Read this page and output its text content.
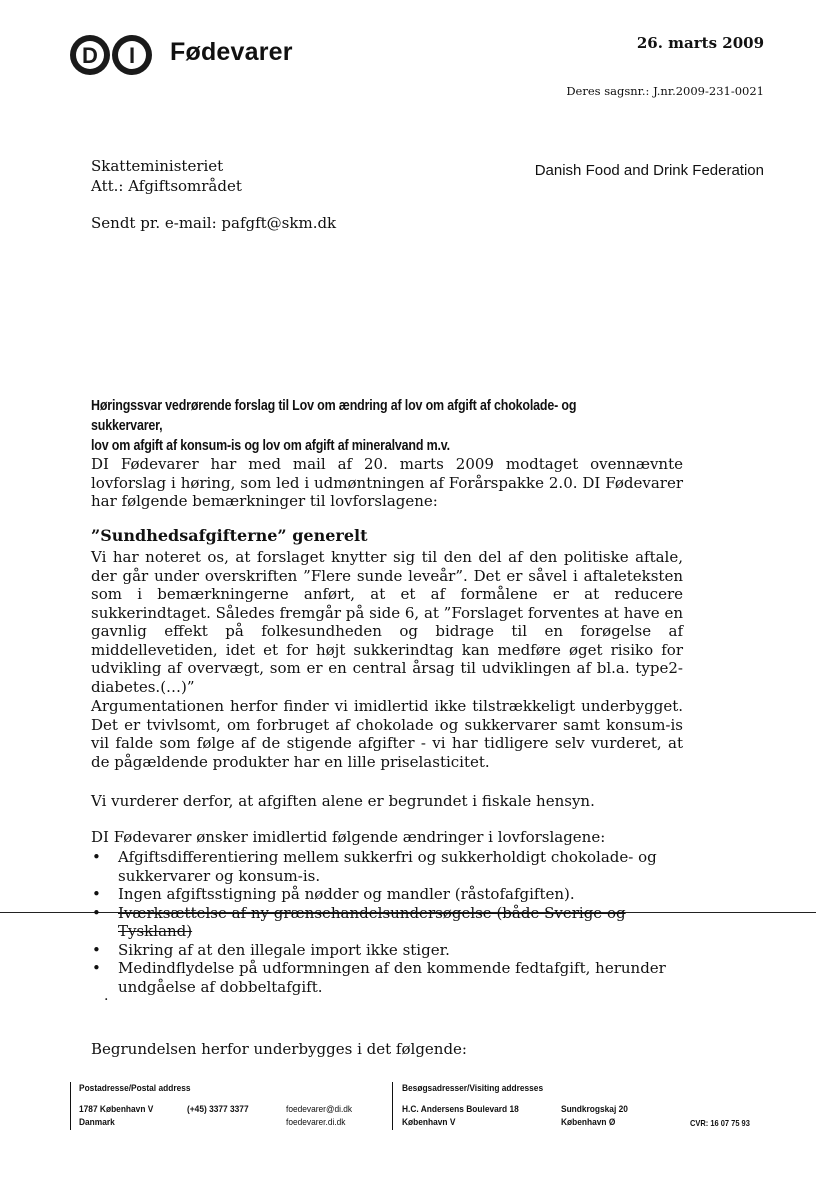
D I Fødevarer	26. marts 2009
Deres sagsnr.: J.nr.2009-231-0021
Danish Food and Drink Federation
Skatteministeriet
Att.: Afgiftsområdet
Sendt pr. e-mail: pafgft@skm.dk
Høringssvar vedrørende forslag til Lov om ændring af lov om afgift af chokolade- og sukkervarer,
lov om afgift af konsum-is og lov om afgift af mineralvand m.v.

DI Fødevarer har med mail af 20. marts 2009 modtaget ovennævnte lovforslag i høring, som led i udmøntningen af Forårspakke 2.0. DI Fødevarer har følgende bemærkninger til lovforslagene:

”Sundhedsafgifterne” generelt

Vi har noteret os, at forslaget knytter sig til den del af den politiske aftale, der går under overskriften ”Flere sunde leveår”. Det er såvel i aftaleteksten som i bemærkningerne anført, at et af formålene er at reducere sukkerindtaget. Således fremgår på side 6, at ”Forslaget forventes at have en gavnlig effekt på folkesundheden og bidrage til en forøgelse af middellevetiden, idet et for højt sukkerindtag kan medføre øget risiko for udvikling af overvægt, som er en central årsag til udviklingen af bl.a. type2-diabetes.(…)”

Argumentationen herfor finder vi imidlertid ikke tilstrækkeligt underbygget. Det er tvivlsomt, om forbruget af chokolade og sukkervarer samt konsum-is vil falde som følge af de stigende afgifter - vi har tidligere selv vurderet, at de pågældende produkter har en lille priselasticitet.

Vi vurderer derfor, at afgiften alene er begrundet i fiskale hensyn.

DI Fødevarer ønsker imidlertid følgende ændringer i lovforslagene:

• Afgiftsdifferentiering mellem sukkerfri og sukkerholdigt chokolade- og sukkervarer og konsum-is.
• Ingen afgiftsstigning på nødder og mandler (råstofafgiften).
• Iværksættelse af ny grænsehandelsundersøgelse (både Sverige og Tyskland)
• Sikring af at den illegale import ikke stiger.
• Medindflydelse på udformningen af den kommende fedtafgift, herunder undgåelse af dobbeltafgift.
.

Begrundelsen herfor underbygges i det følgende:

Postadresse/Postal address
1787 København V
Danmark
(+45) 3377 3377	foedevarer@di.dk
foedevarer.di.dk
Besøgsadresser/Visiting addresses
H.C. Andersens Boulevard 18
København V
Sundkrogskaj 20
København Ø	CVR: 16 07 75 93
